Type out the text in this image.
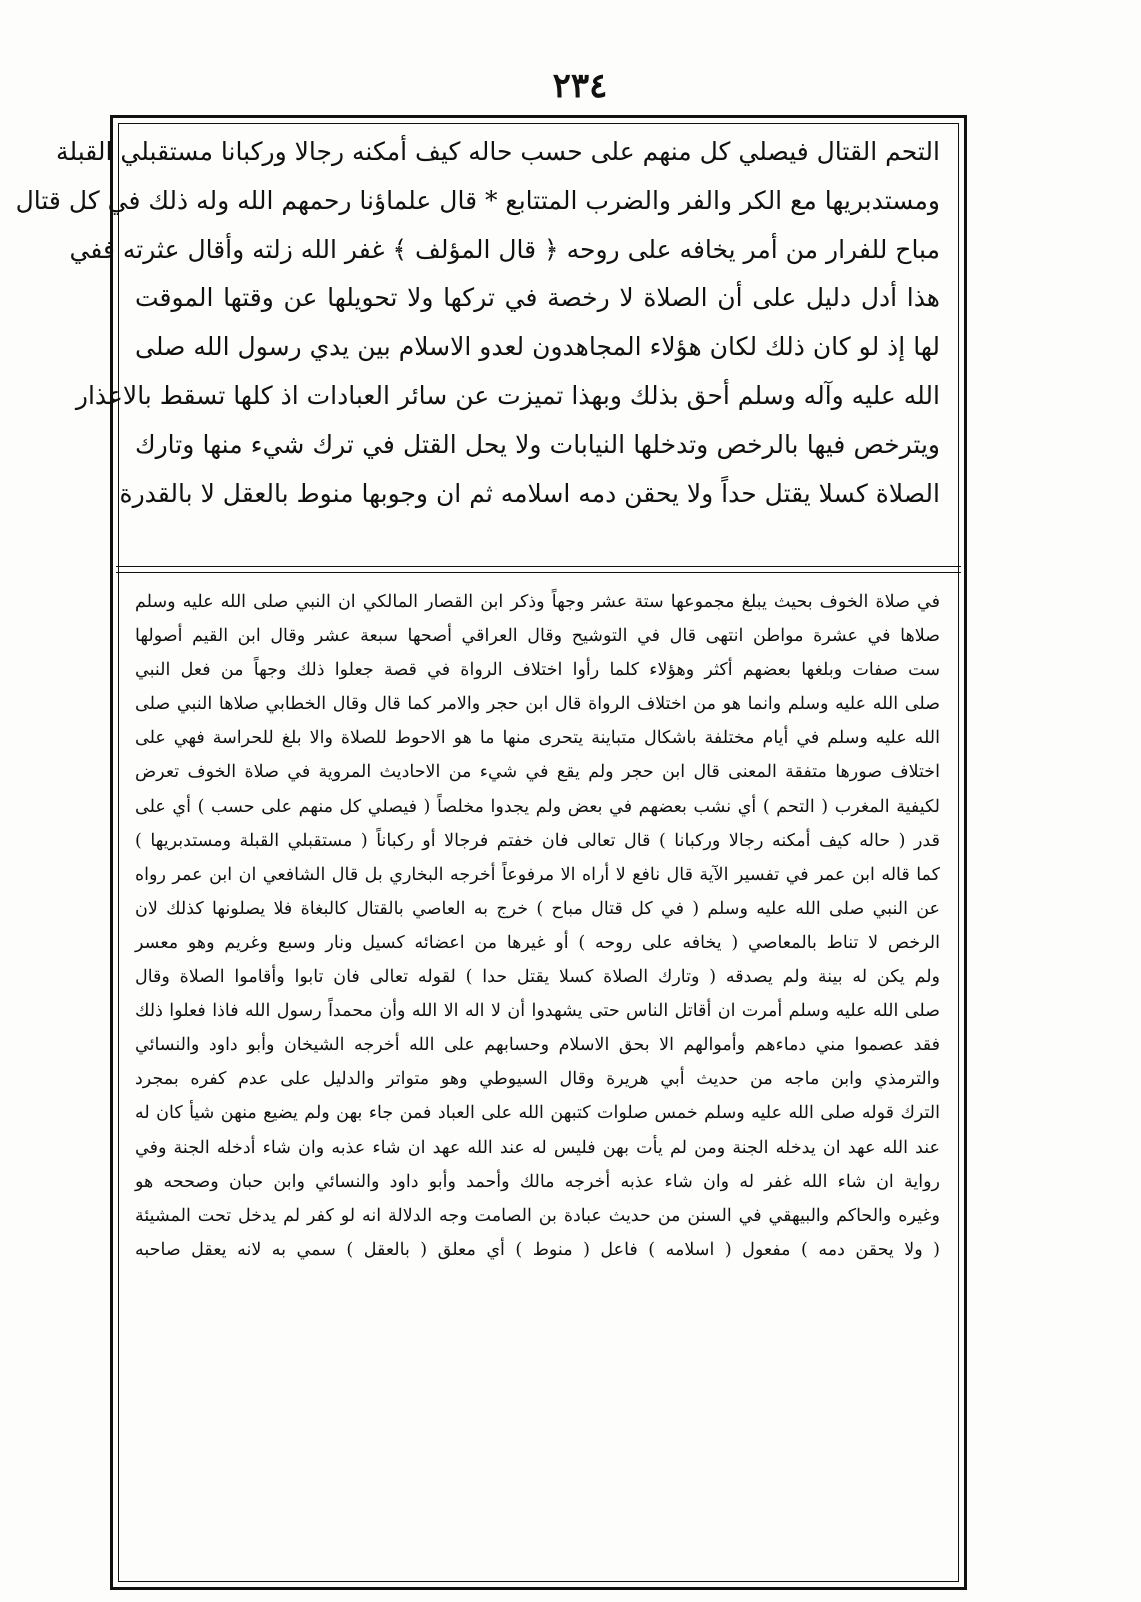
٢٣٤
التحم القتال فيصلي كل منهم على حسب حاله كيف أمكنه رجالا وركبانا مستقبلي القبلة
ومستدبريها مع الكر والفر والضرب المتتابع * قال علماؤنا رحمهم الله وله ذلك في كل قتال
مباح للفرار من أمر يخافه على روحه ﴿ قال المؤلف ﴾ غفر الله زلته وأقال عثرته ففي
هذا أدل دليل على أن الصلاة لا رخصة في تركها ولا تحويلها عن وقتها الموقت
لها إذ لو كان ذلك لكان هؤلاء المجاهدون لعدو الاسلام بين يدي رسول الله صلى
الله عليه وآله وسلم أحق بذلك وبهذا تميزت عن سائر العبادات اذ كلها تسقط بالاعذار
ويترخص فيها بالرخص وتدخلها النيابات ولا يحل القتل في ترك شيء منها وتارك
الصلاة كسلا يقتل حداً ولا يحقن دمه اسلامه ثم ان وجوبها منوط بالعقل لا بالقدرة
في صلاة الخوف بحيث يبلغ مجموعها ستة عشر وجهاً وذكر ابن القصار المالكي ان النبي صلى الله عليه وسلم
صلاها في عشرة مواطن انتهى قال في التوشيح وقال العراقي أصحها سبعة عشر وقال ابن القيم أصولها
ست صفات وبلغها بعضهم أكثر وهؤلاء كلما رأوا اختلاف الرواة في قصة جعلوا ذلك وجهاً من فعل النبي
صلى الله عليه وسلم وانما هو من اختلاف الرواة قال ابن حجر والامر كما قال وقال الخطابي صلاها النبي صلى
الله عليه وسلم في أيام مختلفة باشكال متباينة يتحرى منها ما هو الاحوط للصلاة والا بلغ للحراسة فهي على
اختلاف صورها متفقة المعنى قال ابن حجر ولم يقع في شيء من الاحاديث المروية في صلاة الخوف تعرض
لكيفية المغرب ( التحم ) أي نشب بعضهم في بعض ولم يجدوا مخلصاً ( فيصلي كل منهم على حسب ) أي على
قدر ( حاله كيف أمكنه رجالا وركبانا ) قال تعالى فان خفتم فرجالا أو ركباناً ( مستقبلي القبلة ومستدبريها )
كما قاله ابن عمر في تفسير الآية قال نافع لا أراه الا مرفوعاً أخرجه البخاري بل قال الشافعي ان ابن عمر رواه
عن النبي صلى الله عليه وسلم ( في كل قتال مباح ) خرج به العاصي بالقتال كالبغاة فلا يصلونها كذلك لان
الرخص لا تناط بالمعاصي ( يخافه على روحه ) أو غيرها من اعضائه كسيل ونار وسبع وغريم وهو معسر
ولم يكن له بينة ولم يصدقه ( وتارك الصلاة كسلا يقتل حدا ) لقوله تعالى فان تابوا وأقاموا الصلاة وقال
صلى الله عليه وسلم أمرت ان أقاتل الناس حتى يشهدوا أن لا اله الا الله وأن محمداً رسول الله فاذا فعلوا ذلك
فقد عصموا مني دماءهم وأموالهم الا بحق الاسلام وحسابهم على الله أخرجه الشيخان وأبو داود والنسائي
والترمذي وابن ماجه من حديث أبي هريرة وقال السيوطي وهو متواتر والدليل على عدم كفره بمجرد
الترك قوله صلى الله عليه وسلم خمس صلوات كتبهن الله على العباد فمن جاء بهن ولم يضيع منهن شيأ كان له
عند الله عهد ان يدخله الجنة ومن لم يأت بهن فليس له عند الله عهد ان شاء عذبه وان شاء أدخله الجنة وفي
رواية ان شاء الله غفر له وان شاء عذبه أخرجه مالك وأحمد وأبو داود والنسائي وابن حبان وصححه هو
وغيره والحاكم والبيهقي في السنن من حديث عبادة بن الصامت وجه الدلالة انه لو كفر لم يدخل تحت المشيئة
( ولا يحقن دمه ) مفعول ( اسلامه ) فاعل ( منوط ) أي معلق ( بالعقل ) سمي به لانه يعقل صاحبه
